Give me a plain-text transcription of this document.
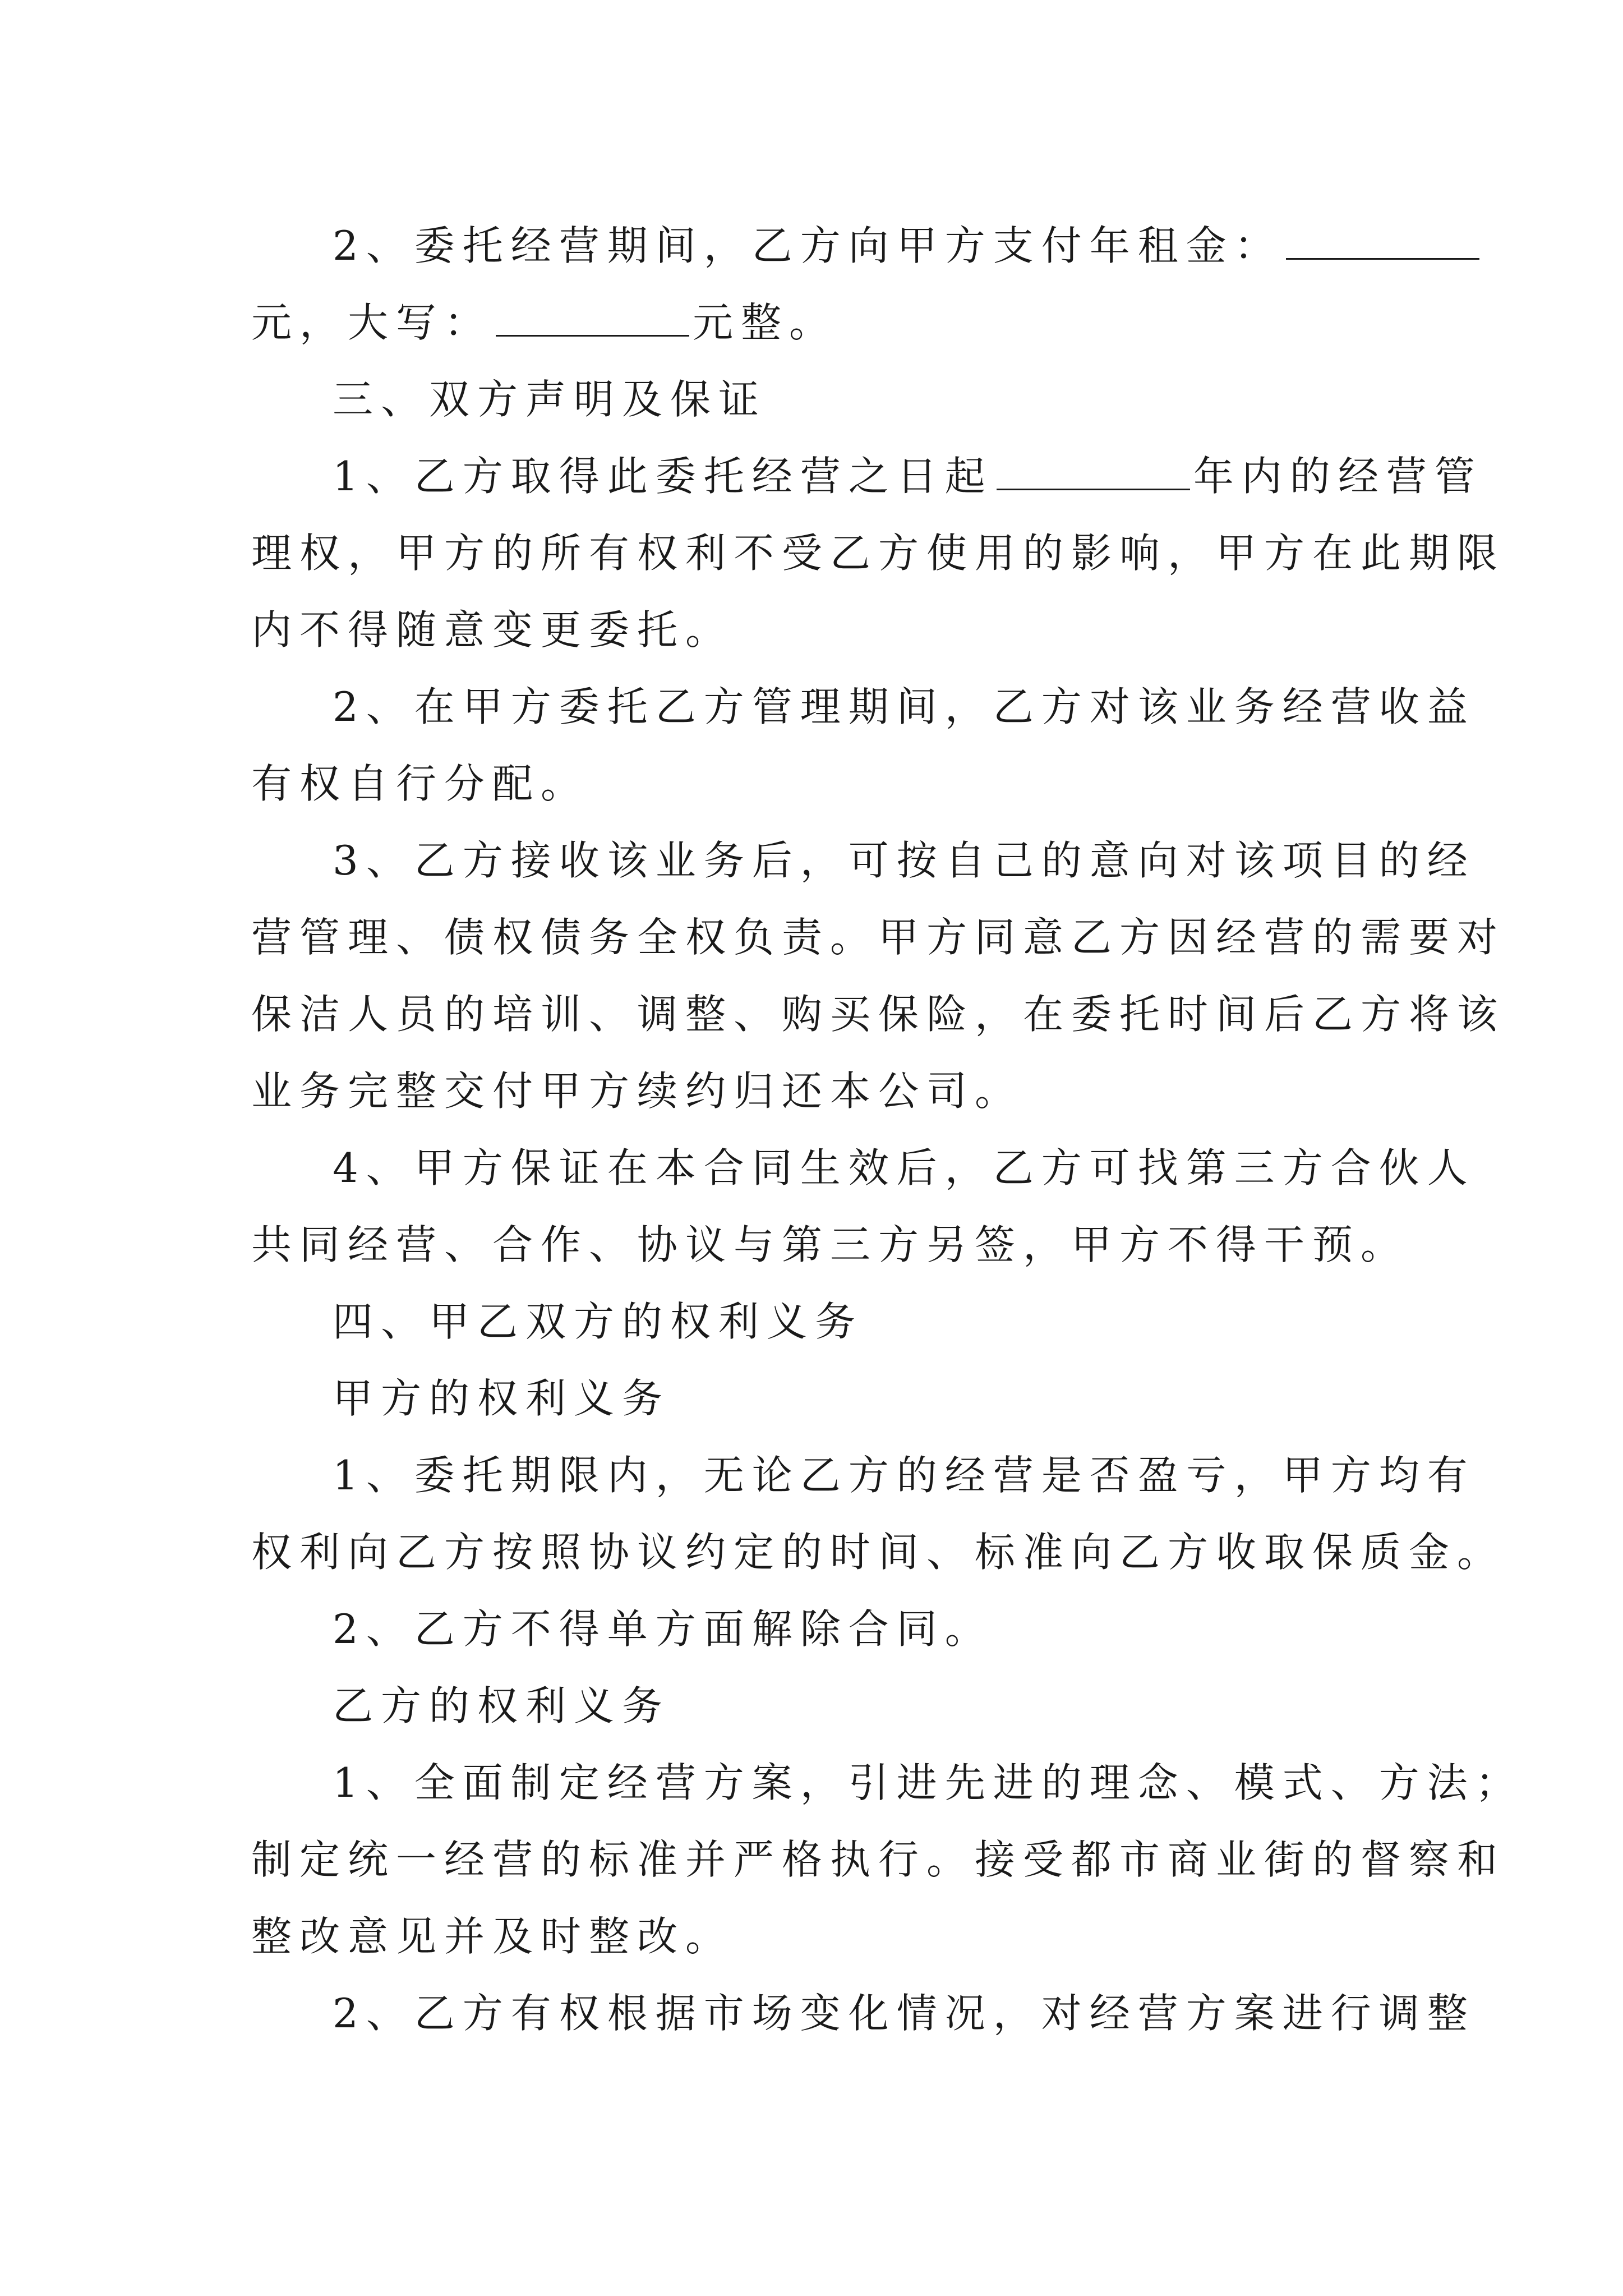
2、委托经营期间，乙方向甲方支付年租金：
元，大写：	元整。
三、双方声明及保证
1、乙方取得此委托经营之日起	年内的经营管
理权，甲方的所有权利不受乙方使用的影响，甲方在此期限
内不得随意变更委托。
2、在甲方委托乙方管理期间，乙方对该业务经营收益
有权自行分配。
3、乙方接收该业务后，可按自己的意向对该项目的经
营管理、债权债务全权负责。甲方同意乙方因经营的需要对
保洁人员的培训、调整、购买保险，在委托时间后乙方将该
业务完整交付甲方续约归还本公司。
4、甲方保证在本合同生效后，乙方可找第三方合伙人
共同经营、合作、协议与第三方另签，甲方不得干预。
四、甲乙双方的权利义务
甲方的权利义务
1、委托期限内，无论乙方的经营是否盈亏，甲方均有
权利向乙方按照协议约定的时间、标准向乙方收取保质金。
2、乙方不得单方面解除合同。
乙方的权利义务
1、全面制定经营方案，引进先进的理念、模式、方法；
制定统一经营的标准并严格执行。接受都市商业街的督察和
整改意见并及时整改。
2、乙方有权根据市场变化情况，对经营方案进行调整
